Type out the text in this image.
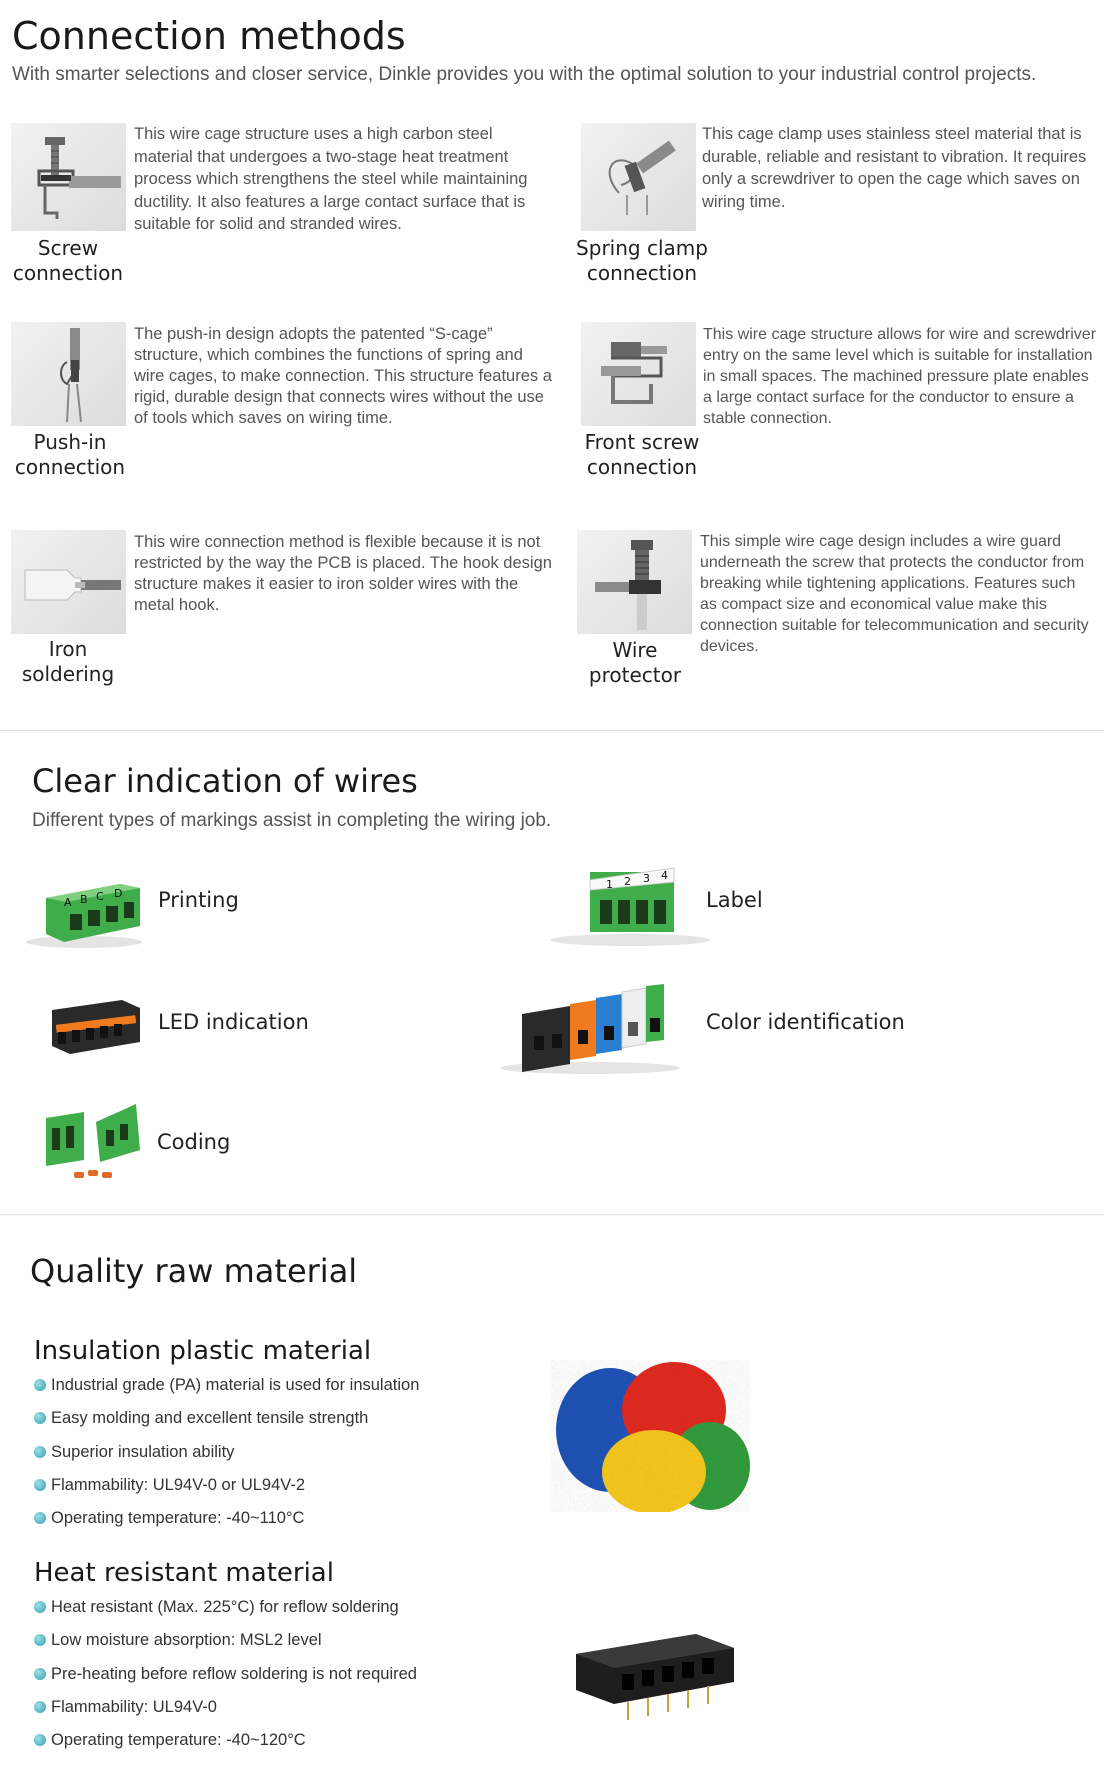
Connection methods
With smarter selections and closer service, Dinkle provides you with the optimal solution to your industrial control projects.
Screw
connection
This wire cage structure uses a high carbon steel material that undergoes a two-stage heat treatment process which strengthens the steel while maintaining ductility. It also features a large contact surface that is suitable for solid and stranded wires.
Spring clamp
connection
This cage clamp uses stainless steel material that is durable, reliable and resistant to vibration. It requires only a screwdriver to open the cage which saves on wiring time.
Push-in
connection
The push-in design adopts the patented “S-cage” structure, which combines the functions of spring and wire cages, to make connection. This structure features a rigid, durable design that connects wires without the use of tools which saves on wiring time.
Front screw
connection
This wire cage structure allows for wire and screwdriver entry on the same level which is suitable for installation in small spaces. The machined pressure plate enables a large contact surface for the conductor to ensure a stable connection.
Iron
soldering
This wire connection method is flexible because it is not restricted by the way the PCB is placed. The hook design structure makes it easier to iron solder wires with the metal hook.
Wire
protector
This simple wire cage design includes a wire guard underneath the screw that protects the conductor from breaking while tightening applications. Features such as compact size and economical value make this connection suitable for telecommunication and security devices.
Clear indication of wires
Different types of markings assist in completing the wiring job.
A B C D Printing
1 2 3 4
Label
LED indication	Color identification
Coding
Quality raw material
Insulation plastic material
Industrial grade (PA) material is used for insulation
Easy molding and excellent tensile strength
Superior insulation ability
Flammability: UL94V-0 or UL94V-2
Operating temperature: -40~110°C
Heat resistant material
Heat resistant (Max. 225°C) for reflow soldering
Low moisture absorption: MSL2 level
Pre-heating before reflow soldering is not required
Flammability: UL94V-0
Operating temperature: -40~120°C
